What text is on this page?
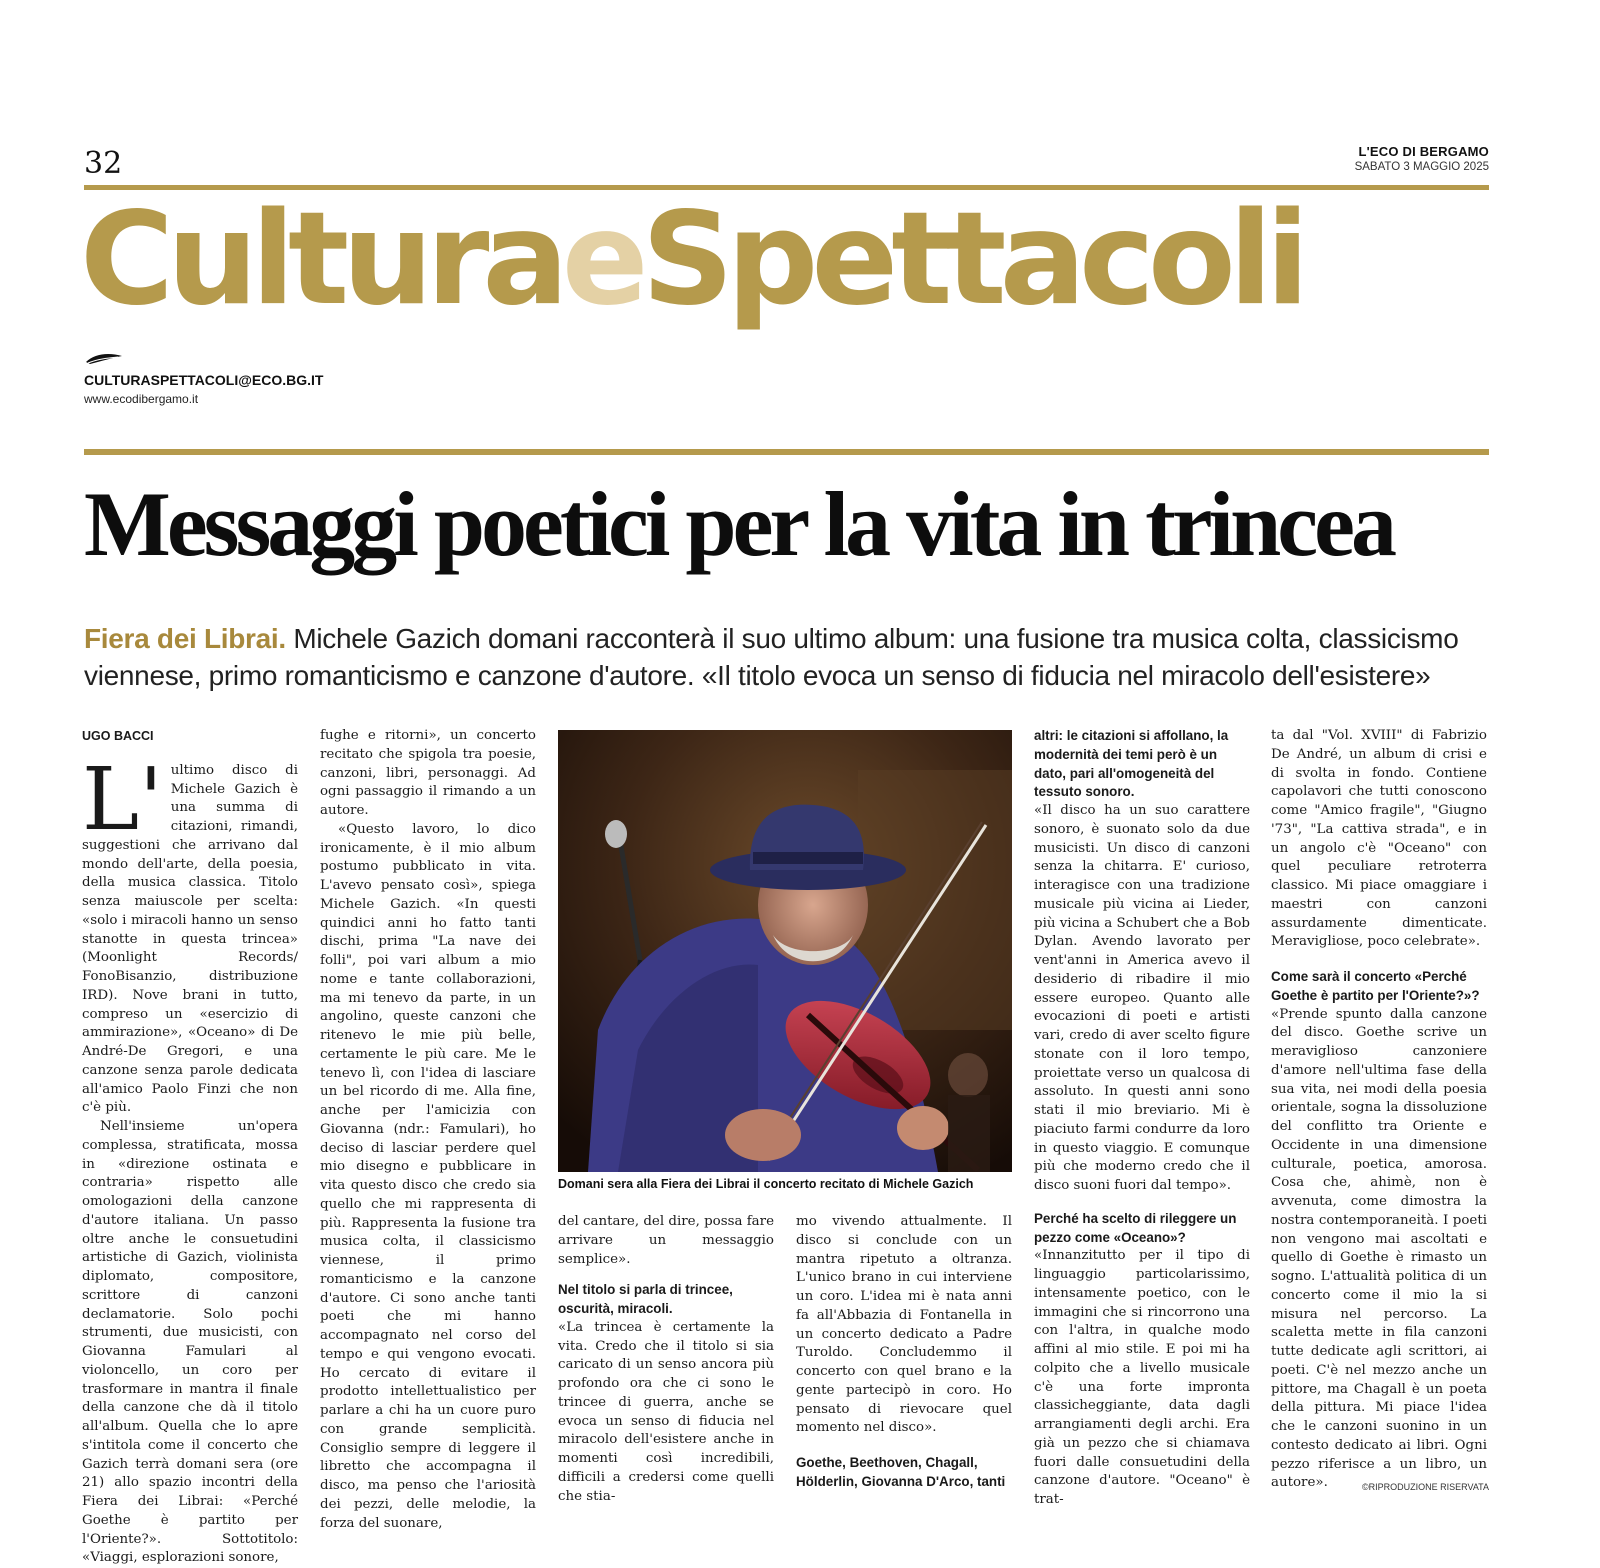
32	L'ECO DI BERGAMO
SABATO 3 MAGGIO 2025
CulturaeSpettacoli
CULTURASPETTACOLI@ECO.BG.IT
www.ecodibergamo.it
Messaggi poetici per la vita in trincea
Fiera dei Librai. Michele Gazich domani racconterà il suo ultimo album: una fusione tra musica colta, classicismo viennese, primo romanticismo e canzone d'autore. «Il titolo evoca un senso di fiducia nel miracolo dell'esistere»
UGO BACCI
L' ultimo disco di Michele Gazich è una summa di citazioni, rimandi, suggestioni che arrivano dal mondo dell'arte, della poesia, della musica classica. Titolo senza maiuscole per scelta: «solo i miracoli hanno un senso stanotte in questa trincea» (Moonlight Records/ FonoBisanzio, distribuzione IRD). Nove brani in tutto, compreso un «esercizio di ammirazione», «Oceano» di De André-De Gregori, e una canzone senza parole dedicata all'amico Paolo Finzi che non c'è più.

Nell'insieme un'opera complessa, stratificata, mossa in «direzione ostinata e contraria» rispetto alle omologazioni della canzone d'autore italiana. Un passo oltre anche le consuetudini artistiche di Gazich, violinista diplomato, compositore, scrittore di canzoni declamatorie. Solo pochi strumenti, due musicisti, con Giovanna Famulari al violoncello, un coro per trasformare in mantra il finale della canzone che dà il titolo all'album. Quella che lo apre s'intitola come il concerto che Gazich terrà domani sera (ore 21) allo spazio incontri della Fiera dei Librai: «Perché Goethe è partito per l'Oriente?». Sottotitolo: «Viaggi, esplorazioni sonore,

fughe e ritorni», un concerto recitato che spigola tra poesie, canzoni, libri, personaggi. Ad ogni passaggio il rimando a un autore.

«Questo lavoro, lo dico ironicamente, è il mio album postumo pubblicato in vita. L'avevo pensato così», spiega Michele Gazich. «In questi quindici anni ho fatto tanti dischi, prima "La nave dei folli", poi vari album a mio nome e tante collaborazioni, ma mi tenevo da parte, in un angolino, queste canzoni che ritenevo le mie più belle, certamente le più care. Me le tenevo lì, con l'idea di lasciare un bel ricordo di me. Alla fine, anche per l'amicizia con Giovanna (ndr.: Famulari), ho deciso di lasciar perdere quel mio disegno e pubblicare in vita questo disco che credo sia quello che mi rappresenta di più. Rappresenta la fusione tra musica colta, il classicismo viennese, il primo romanticismo e la canzone d'autore. Ci sono anche tanti poeti che mi hanno accompagnato nel corso del tempo e qui vengono evocati. Ho cercato di evitare il prodotto intellettualistico per parlare a chi ha un cuore puro con grande semplicità. Consiglio sempre di leggere il libretto che accompagna il disco, ma penso che l'ariosità dei pezzi, delle melodie, la forza del suonare,

Domani sera alla Fiera dei Librai il concerto recitato di Michele Gazich

del cantare, del dire, possa fare arrivare un messaggio semplice».

Nel titolo si parla di trincee, oscurità, miracoli.

«La trincea è certamente la vita. Credo che il titolo si sia caricato di un senso ancora più profondo ora che ci sono le trincee di guerra, anche se evoca un senso di fiducia nel miracolo dell'esistere anche in momenti così incredibili, difficili a credersi come quelli che stia-

mo vivendo attualmente. Il disco si conclude con un mantra ripetuto a oltranza. L'unico brano in cui interviene un coro. L'idea mi è nata anni fa all'Abbazia di Fontanella in un concerto dedicato a Padre Turoldo. Concludemmo il concerto con quel brano e la gente partecipò in coro. Ho pensato di rievocare quel momento nel disco».

Goethe, Beethoven, Chagall, Hölderlin, Giovanna D'Arco, tanti

altri: le citazioni si affollano, la modernità dei temi però è un dato, pari all'omogeneità del tessuto sonoro.

«Il disco ha un suo carattere sonoro, è suonato solo da due musicisti. Un disco di canzoni senza la chitarra. E' curioso, interagisce con una tradizione musicale più vicina ai Lieder, più vicina a Schubert che a Bob Dylan. Avendo lavorato per vent'anni in America avevo il desiderio di ribadire il mio essere europeo. Quanto alle evocazioni di poeti e artisti vari, credo di aver scelto figure stonate con il loro tempo, proiettate verso un qualcosa di assoluto. In questi anni sono stati il mio breviario. Mi è piaciuto farmi condurre da loro in questo viaggio. E comunque più che moderno credo che il disco suoni fuori dal tempo».

Perché ha scelto di rileggere un pezzo come «Oceano»?

«Innanzitutto per il tipo di linguaggio particolarissimo, intensamente poetico, con le immagini che si rincorrono una con l'altra, in qualche modo affini al mio stile. E poi mi ha colpito che a livello musicale c'è una forte impronta classicheggiante, data dagli arrangiamenti degli archi. Era già un pezzo che si chiamava fuori dalle consuetudini della canzone d'autore. "Oceano" è trat-

ta dal "Vol. XVIII" di Fabrizio De André, un album di crisi e di svolta in fondo. Contiene capolavori che tutti conoscono come "Amico fragile", "Giugno '73", "La cattiva strada", e in un angolo c'è "Oceano" con quel peculiare retroterra classico. Mi piace omaggiare i maestri con canzoni assurdamente dimenticate. Meravigliose, poco celebrate».

Come sarà il concerto «Perché Goethe è partito per l'Oriente?»?

«Prende spunto dalla canzone del disco. Goethe scrive un meraviglioso canzoniere d'amore nell'ultima fase della sua vita, nei modi della poesia orientale, sogna la dissoluzione del conflitto tra Oriente e Occidente in una dimensione culturale, poetica, amorosa. Cosa che, ahimè, non è avvenuta, come dimostra la nostra contemporaneità. I poeti non vengono mai ascoltati e quello di Goethe è rimasto un sogno. L'attualità politica di un concerto come il mio la si misura nel percorso. La scaletta mette in fila canzoni tutte dedicate agli scrittori, ai poeti. C'è nel mezzo anche un pittore, ma Chagall è un poeta della pittura. Mi piace l'idea che le canzoni suonino in un contesto dedicato ai libri. Ogni pezzo riferisce a un libro, un autore».	©RIPRODUZIONE RISERVATA
